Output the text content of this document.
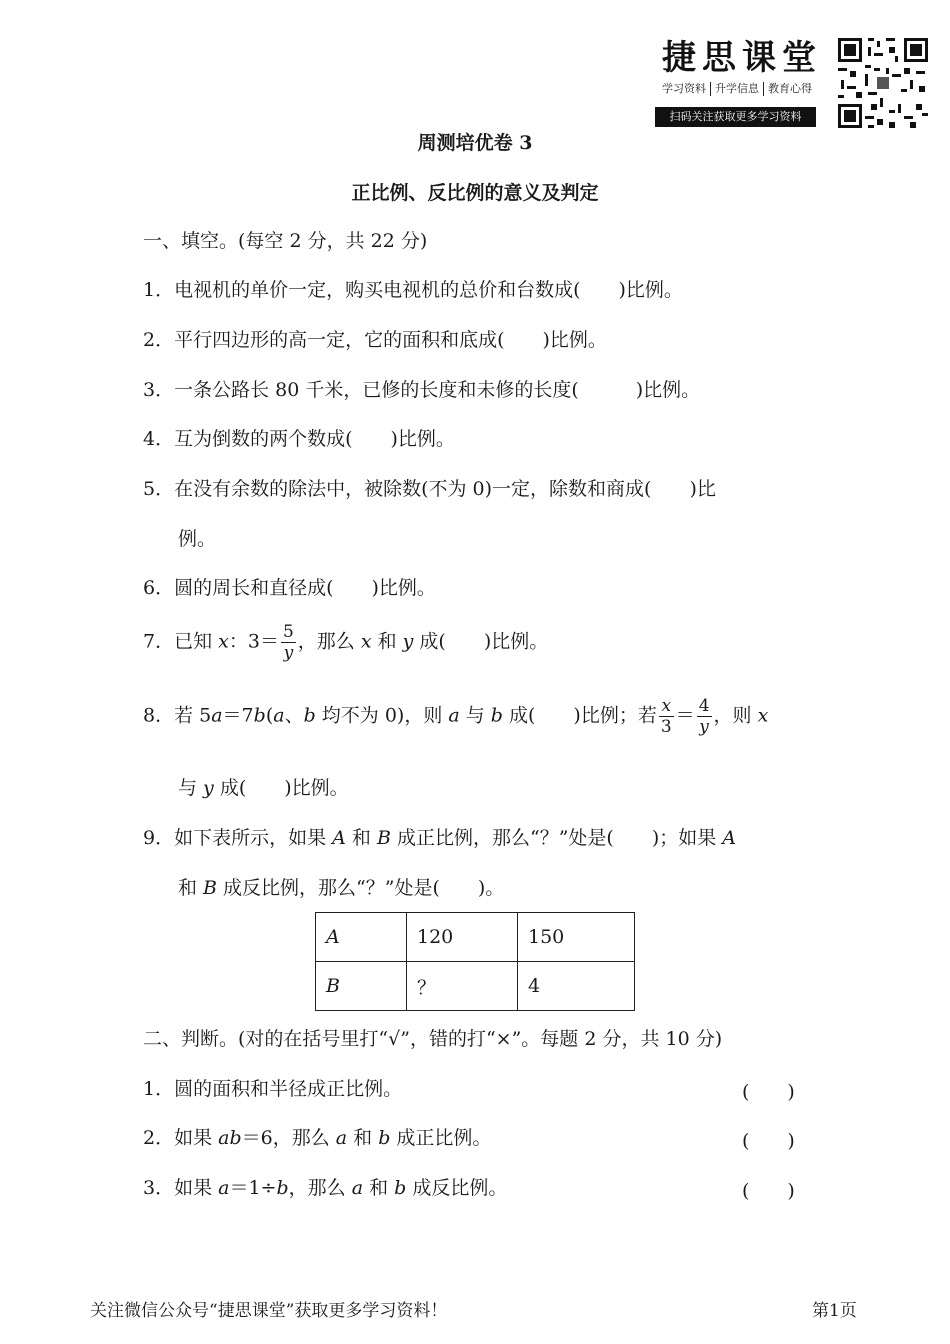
捷思课堂
学习资料 升学信息 教育心得
扫码关注获取更多学习资料
周测培优卷 3
正比例、反比例的意义及判定
一、填空。(每空 2 分，共 22 分)
1．电视机的单价一定，购买电视机的总价和台数成(　　)比例。
2．平行四边形的高一定，它的面积和底成(　　)比例。
3．一条公路长 80 千米，已修的长度和未修的长度(　　　)比例。
4．互为倒数的两个数成(　　)比例。
5．在没有余数的除法中，被除数(不为 0)一定，除数和商成(　　)比
例。
6．圆的周长和直径成(　　)比例。
7．已知 x：$3= \frac{5}{y}$ ，那么 x 和 y 成(　　)比例。
8．若 5a＝7b(a、b 均不为 0)，则 a 与 b 成(　　)比例；若 $\frac{x}{3} = \frac{4}{y}$ ，则 x
与 y 成(　　)比例。
9．如下表所示，如果 A 和 B 成正比例，那么“？”处是(　　)；如果 A
和 B 成反比例，那么“？”处是(　　)。
A	120	150
B	？	4
二、判断。(对的在括号里打“√”，错的打“×”。每题 2 分，共 10 分)
1．圆的面积和半径成正比例。	(　　)
2．如果 ab＝6，那么 a 和 b 成正比例。	(　　)
3．如果 a＝1÷b，那么 a 和 b 成反比例。	(　　)
关注微信公众号“捷思课堂”获取更多学习资料！	第1页
